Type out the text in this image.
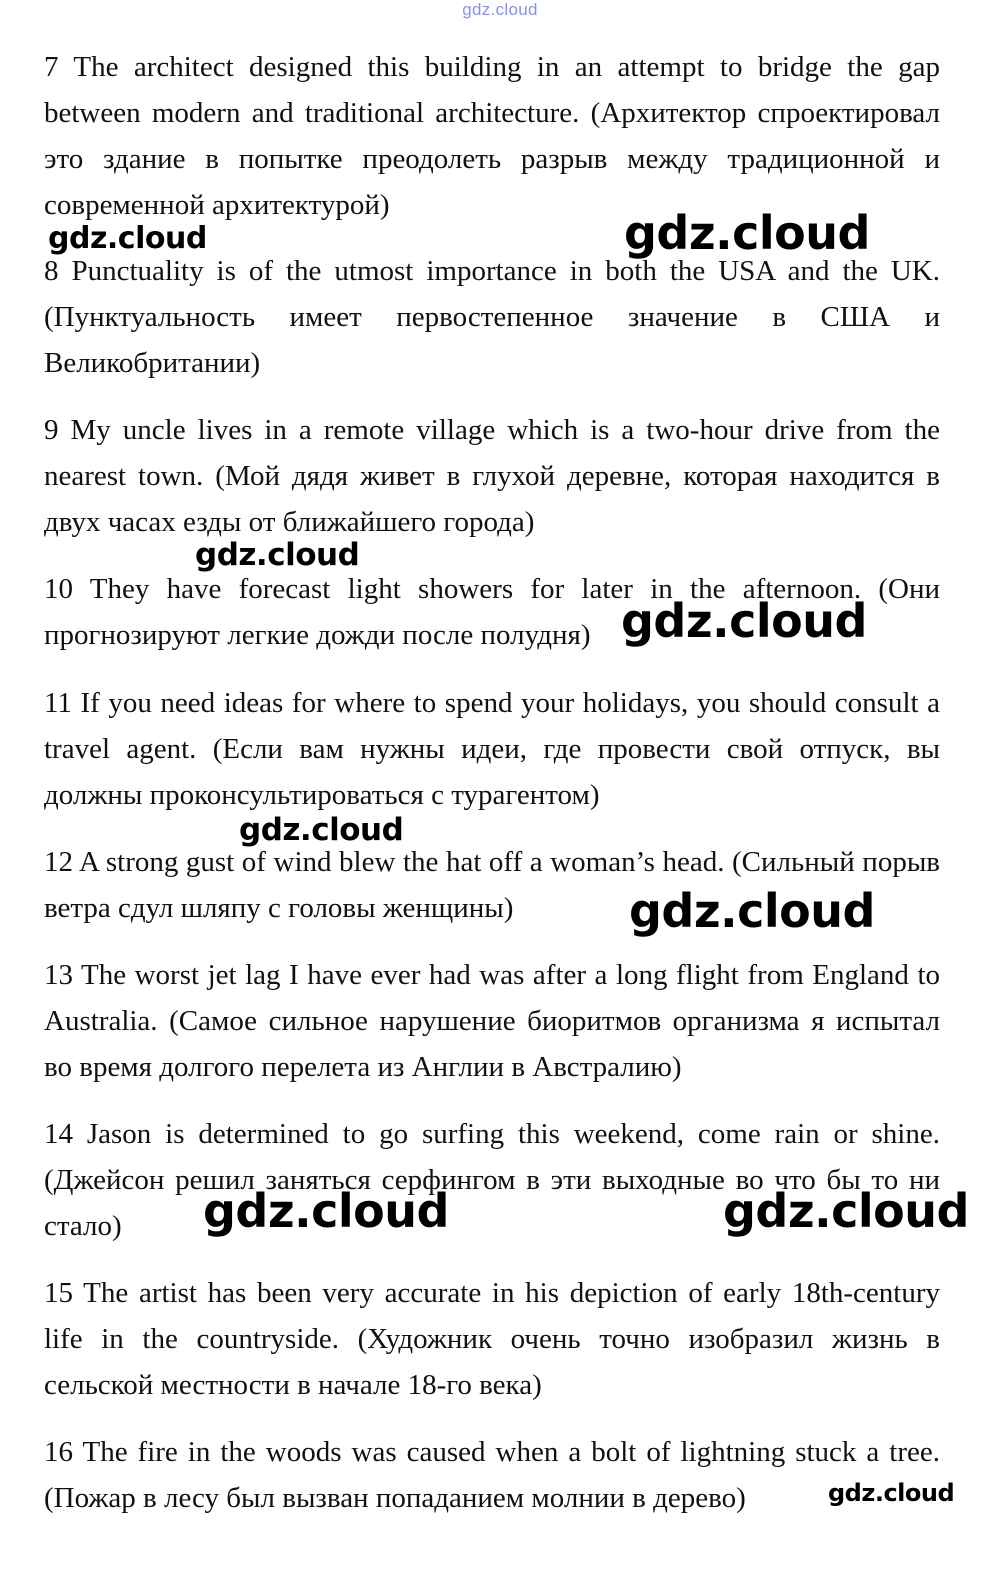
gdz.cloud

7 The architect designed this building in an attempt to bridge the gap between modern and traditional architecture. (Архитектор спроектировал это здание в попытке преодолеть разрыв между традиционной и современной архитектурой)

8 Punctuality is of the utmost importance in both the USA and the UK. (Пунктуальность имеет первостепенное значение в США и Великобритании)

9 My uncle lives in a remote village which is a two-hour drive from the nearest town. (Мой дядя живет в глухой деревне, которая находится в двух часах езды от ближайшего города)

10 They have forecast light showers for later in the afternoon. (Они прогнозируют легкие дожди после полудня)

11 If you need ideas for where to spend your holidays, you should consult a travel agent. (Если вам нужны идеи, где провести свой отпуск, вы должны проконсультироваться с турагентом)

12 A strong gust of wind blew the hat off a woman’s head. (Сильный порыв ветра сдул шляпу с головы женщины)

13 The worst jet lag I have ever had was after a long flight from England to Australia. (Самое сильное нарушение биоритмов организма я испытал во время долгого перелета из Англии в Австралию)

14 Jason is determined to go surfing this weekend, come rain or shine. (Джейсон решил заняться серфингом в эти выходные во что бы то ни стало)

15 The artist has been very accurate in his depiction of early 18th-century life in the countryside. (Художник очень точно изобразил жизнь в сельской местности в начале 18-го века)

16 The fire in the woods was caused when a bolt of lightning stuck a tree. (Пожар в лесу был вызван попаданием молнии в дерево)

gdz.cloud	gdz.cloud
gdz.cloud
gdz.cloud
gdz.cloud
gdz.cloud
gdz.cloud	gdz.cloud
gdz.cloud
